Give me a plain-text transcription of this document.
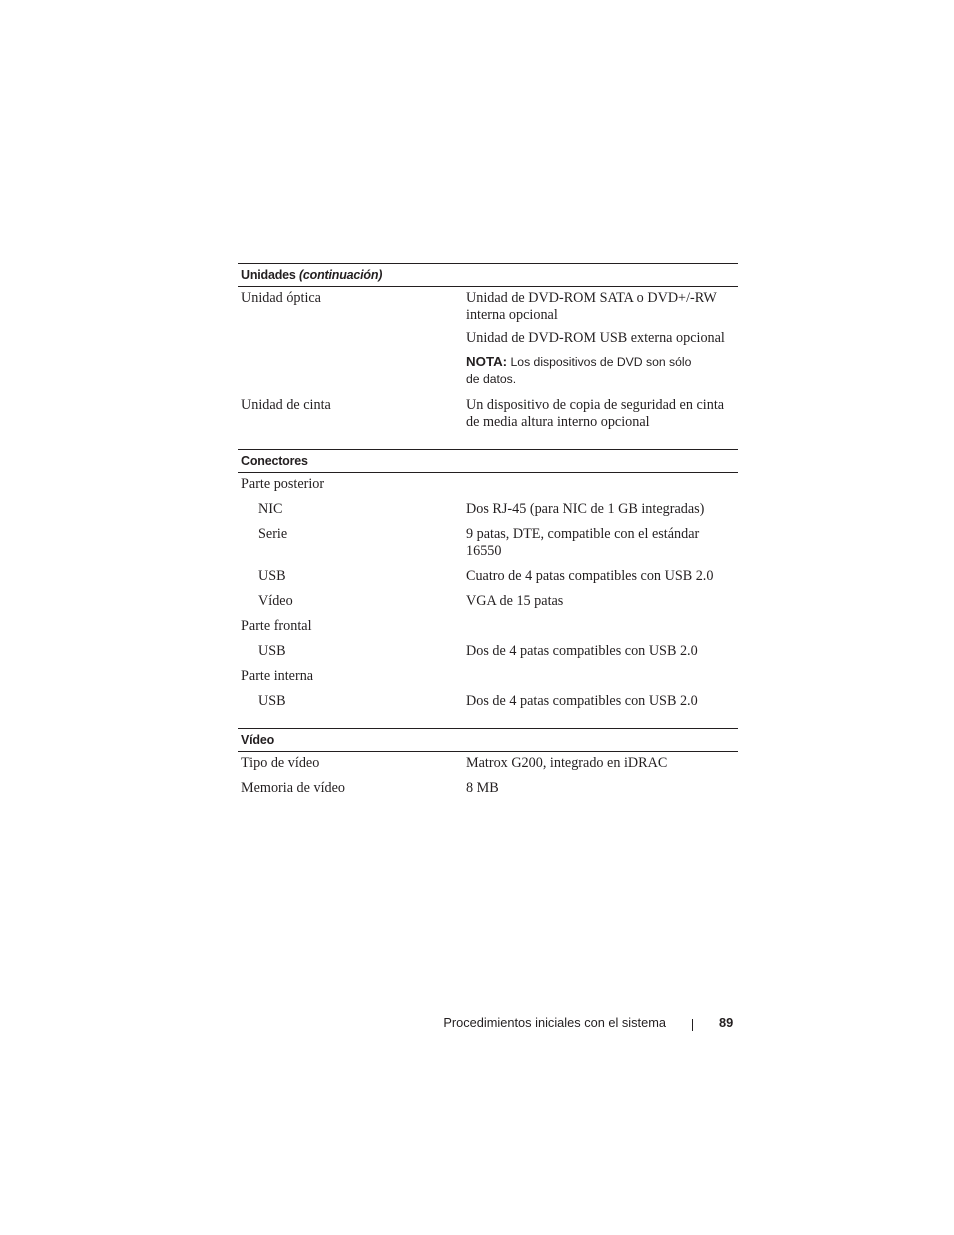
Unidades (continuación)
Unidad óptica	Unidad de DVD-ROM SATA o DVD+/-RW interna opcional

Unidad de DVD-ROM USB externa opcional

NOTA: Los dispositivos de DVD son sólo
de datos.
Unidad de cinta	Un dispositivo de copia de seguridad en cinta de media altura interno opcional
Conectores
Parte posterior
NIC	Dos RJ-45 (para NIC de 1 GB integradas)
Serie	9 patas, DTE, compatible con el estándar 16550
USB	Cuatro de 4 patas compatibles con USB 2.0
Vídeo	VGA de 15 patas
Parte frontal
USB	Dos de 4 patas compatibles con USB 2.0
Parte interna
USB	Dos de 4 patas compatibles con USB 2.0
Vídeo
Tipo de vídeo	Matrox G200, integrado en iDRAC
Memoria de vídeo	8 MB
Procedimientos iniciales con el sistema	89
